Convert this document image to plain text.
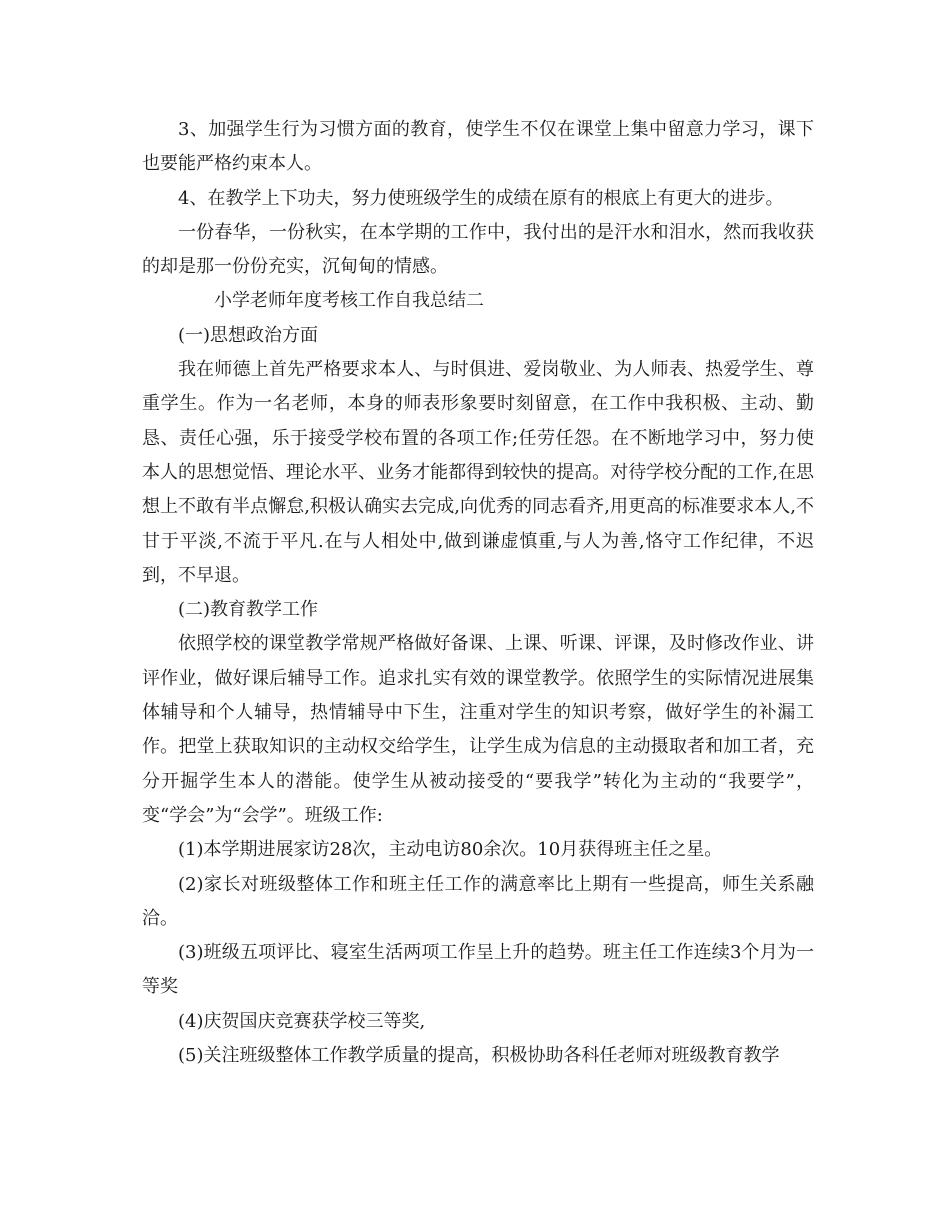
3、加强学生行为习惯方面的教育，使学生不仅在课堂上集中留意力学习，课下也要能严格约束本人。

4、在教学上下功夫，努力使班级学生的成绩在原有的根底上有更大的进步。

一份春华，一份秋实，在本学期的工作中，我付出的是汗水和泪水，然而我收获的却是那一份份充实，沉甸甸的情感。

小学老师年度考核工作自我总结二

(一)思想政治方面

我在师德上首先严格要求本人、与时俱进、爱岗敬业、为人师表、热爱学生、尊重学生。作为一名老师，本身的师表形象要时刻留意，在工作中我积极、主动、勤恳、责任心强，乐于接受学校布置的各项工作;任劳任怨。在不断地学习中，努力使本人的思想觉悟、理论水平、业务才能都得到较快的提高。对待学校分配的工作,在思想上不敢有半点懈怠,积极认确实去完成,向优秀的同志看齐,用更高的标准要求本人,不甘于平淡,不流于平凡.在与人相处中,做到谦虚慎重,与人为善,恪守工作纪律，不迟到，不早退。

(二)教育教学工作

依照学校的课堂教学常规严格做好备课、上课、听课、评课，及时修改作业、讲评作业，做好课后辅导工作。追求扎实有效的课堂教学。依照学生的实际情况进展集体辅导和个人辅导，热情辅导中下生，注重对学生的知识考察，做好学生的补漏工作。把堂上获取知识的主动权交给学生，让学生成为信息的主动摄取者和加工者，充分开掘学生本人的潜能。使学生从被动接受的“要我学”转化为主动的“我要学”，变“学会”为“会学”。班级工作:

(1)本学期进展家访28次，主动电访80余次。10月获得班主任之星。

(2)家长对班级整体工作和班主任工作的满意率比上期有一些提高，师生关系融洽。

(3)班级五项评比、寝室生活两项工作呈上升的趋势。班主任工作连续3个月为一等奖

(4)庆贺国庆竞赛获学校三等奖,

(5)关注班级整体工作教学质量的提高，积极协助各科任老师对班级教育教学
